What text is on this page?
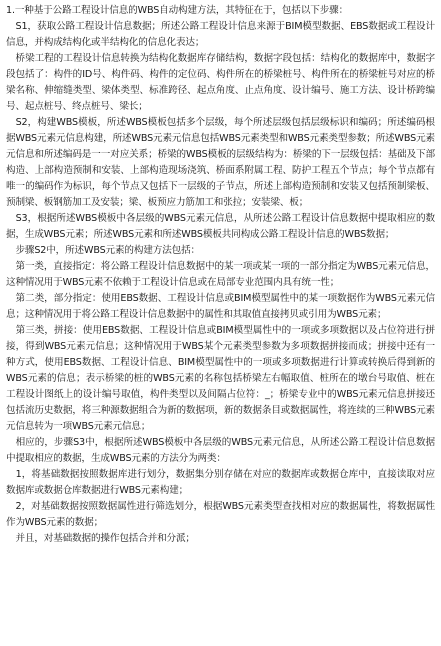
1.一种基于公路工程设计信息的WBS自动构建方法，其特征在于，包括以下步骤：

　S1，获取公路工程设计信息数据；所述公路工程设计信息来源于BIM模型数据、EBS数据或工程设计信息，并构成结构化或半结构化的信息化表达；

　桥梁工程的工程设计信息转换为结构化数据库存储结构，数据字段包括：结构化的数据库中，数据字段包括了：构件的ID号、构件码、构件的定位码、构件所在的桥梁桩号、构件所在的桥梁桩号对应的桥梁名称、伸缩缝类型、梁体类型、标准跨径、起点角度、止点角度、设计编号、施工方法、设计桥跨编号、起点桩号、终点桩号、梁长；

　S2，构建WBS模板，所述WBS模板包括多个层级，每个所述层级包括层级标识和编码；所述编码根据WBS元素元信息构建，所述WBS元素元信息包括WBS元素类型和WBS元素类型参数；所述WBS元素元信息和所述编码是一一对应关系；桥梁的WBS模板的层级结构为：桥梁的下一层级包括：基础及下部构造、上部构造预制和安装、上部构造现场浇筑、桥面系附属工程、防护工程五个节点；每个节点都有唯一的编码作为标识，每个节点又包括下一层级的子节点，所述上部构造预制和安装又包括预制梁板、预制梁、板钢筋加工及安装；梁、板预应力筋加工和张拉；安装梁、板；

　S3，根据所述WBS模板中各层级的WBS元素元信息，从所述公路工程设计信息数据中提取相应的数据，生成WBS元素；所述WBS元素和所述WBS模板共同构成公路工程设计信息的WBS数据；

　步骤S2中，所述WBS元素的构建方法包括：

　第一类，直接指定：将公路工程设计信息数据中的某一项或某一项的一部分指定为WBS元素元信息，这种情况用于WBS元素不依赖于工程设计信息或在局部专业范围内具有统一性；

　第二类，部分指定：使用EBS数据、工程设计信息或BIM模型属性中的某一项数据作为WBS元素元信息；这种情况用于将公路工程设计信息数据中的属性和其取值直接拷贝或引用为WBS元素；

　第三类，拼接：使用EBS数据、工程设计信息或BIM模型属性中的一项或多项数据以及占位符进行拼接，得到WBS元素元信息；这种情况用于WBS某个元素类型参数为多项数据拼接而成；拼接中还有一种方式，使用EBS数据、工程设计信息、BIM模型属性中的一项或多项数据进行计算或转换后得到新的WBS元素的信息；表示桥梁的桩的WBS元素的名称包括桥梁左右幅取值、桩所在的墩台号取值、桩在工程设计图纸上的设计编号取值，构件类型以及间隔占位符：_；桥梁专业中的WBS元素元信息拼接还包括流历史数据，将三种源数据组合为新的数据项，新的数据条目或数据属性，将连续的三种WBS元素元信息转为一项WBS元素元信息；

　相应的，步骤S3中，根据所述WBS模板中各层级的WBS元素元信息，从所述公路工程设计信息数据中提取相应的数据，生成WBS元素的方法分为两类：

　1，将基础数据按照数据库进行划分，数据集分别存储在对应的数据库或数据仓库中，直接读取对应数据库或数据仓库数据进行WBS元素构建；

　2，对基础数据按照数据属性进行筛选划分，根据WBS元素类型查找相对应的数据属性，将数据属性作为WBS元素的数据；

　并且，对基础数据的操作包括合并和分派；
